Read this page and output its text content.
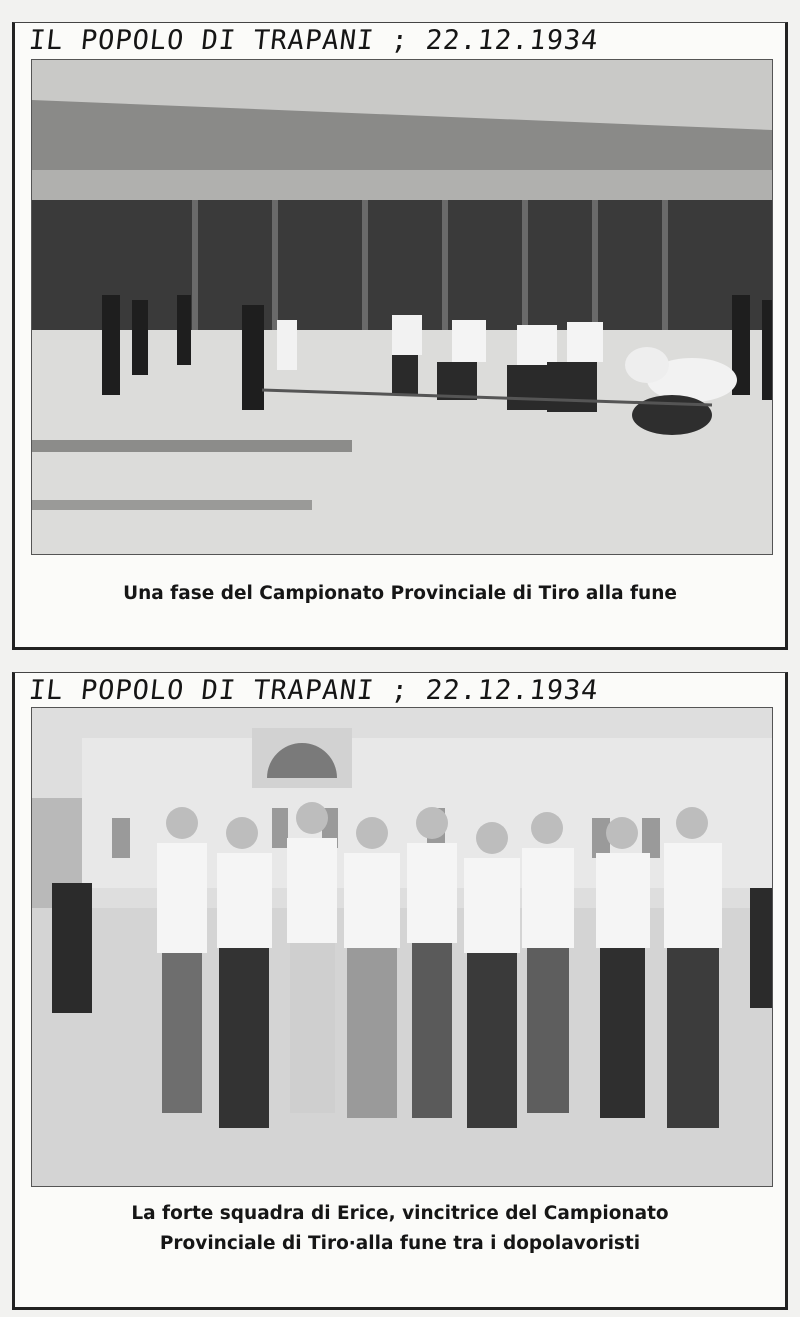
IL POPOLO DI TRAPANI ; 22.12.1934
Una fase del Campionato Provinciale di Tiro alla fune
IL POPOLO DI TRAPANI ; 22.12.1934
La forte squadra di Erice, vincitrice del Campionato
Provinciale di Tiro·alla fune tra i dopolavoristi
